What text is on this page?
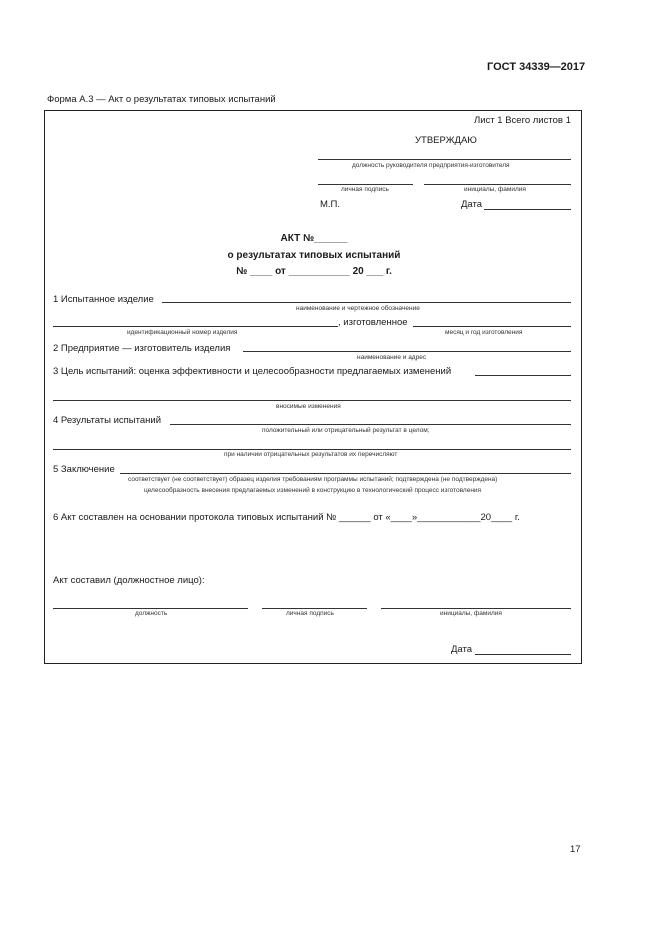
ГОСТ 34339—2017
Форма А.3 — Акт о результатах типовых испытаний
Лист 1 Всего листов 1
УТВЕРЖДАЮ
должность руководителя предприятия-изготовителя
личная подпись	инициалы, фамилия
М.П.	Дата
АКТ №______
о результатах типовых испытаний
№ ____ от ___________ 20 ___ г.
1 Испытанное изделие
наименование и чертежное обозначение
, изготовленное
идентификационный номер изделия	месяц и год изготовления
2 Предприятие — изготовитель изделия
наименование и адрес
3 Цель испытаний: оценка эффективности и целесообразности предлагаемых изменений
вносимые изменения
4 Результаты испытаний
положительный или отрицательный результат в целом;
при наличии отрицательных результатов их перечисляют
5 Заключение
соответствует (не соответствует) образец изделия требованиям программы испытаний; подтверждена (не подтверждена)
целесообразность внесения предлагаемых изменений в конструкцию в технологический процесс изготовления
6 Акт составлен на основании протокола типовых испытаний № ______ от «____»____________20____ г.
Акт составил (должностное лицо):
должность	личная подпись	инициалы, фамилия
Дата
17
